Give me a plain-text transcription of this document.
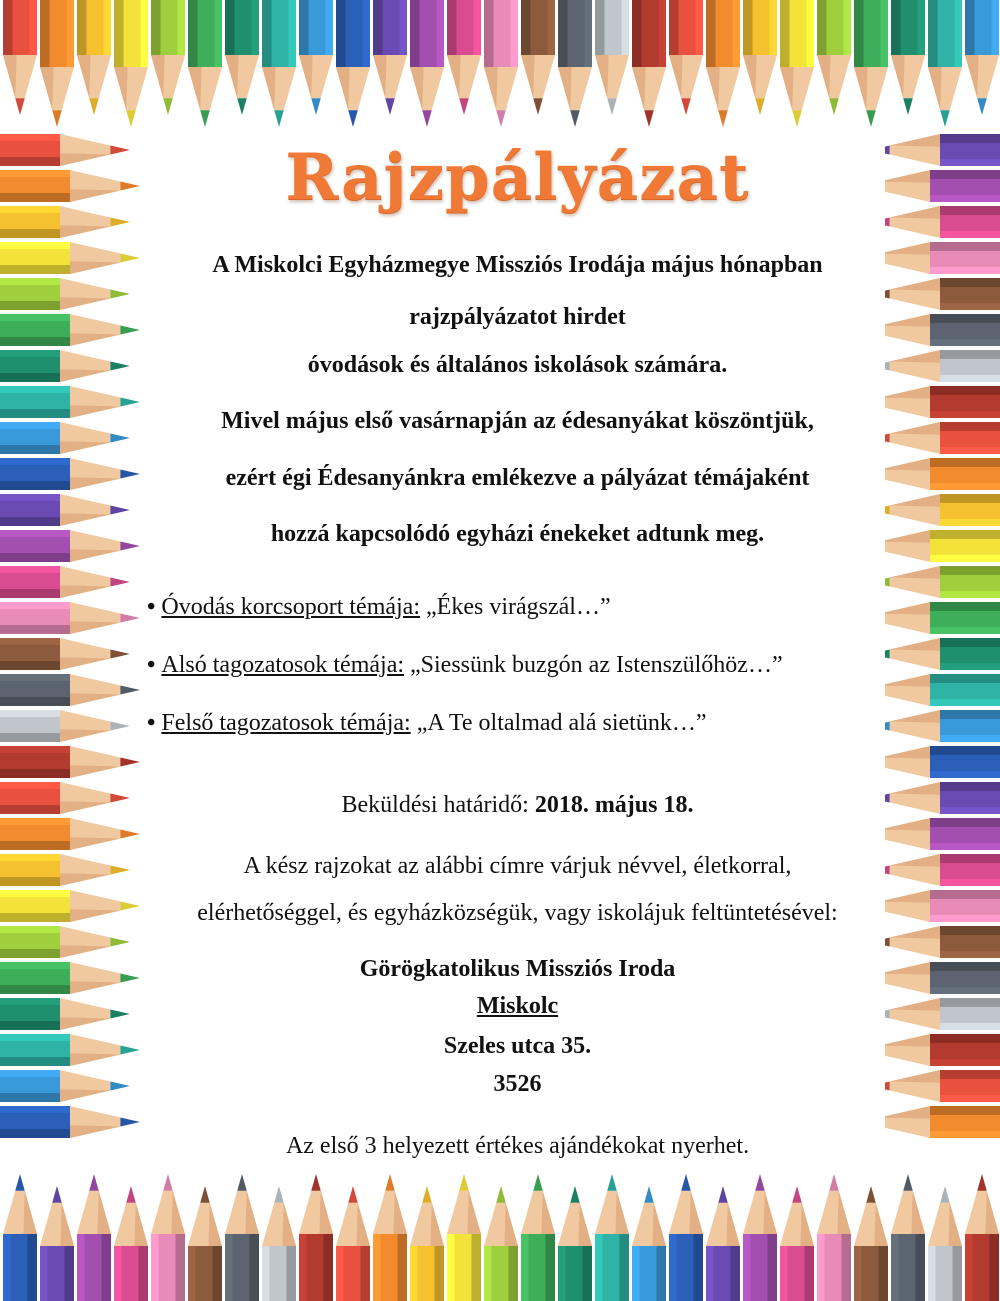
Rajzpályázat
A Miskolci Egyházmegye Missziós Irodája május hónapban
rajzpályázatot hirdet
óvodások és általános iskolások számára.
Mivel május első vasárnapján az édesanyákat köszöntjük,
ezért égi Édesanyánkra emlékezve a pályázat témájaként
hozzá kapcsolódó egyházi énekeket adtunk meg.
• Óvodás korcsoport témája: „Ékes virágszál…”
• Alsó tagozatosok témája: „Siessünk buzgón az Istenszülőhöz…”
• Felső tagozatosok témája: „A Te oltalmad alá sietünk…”
Beküldési határidő: 2018. május 18.
A kész rajzokat az alábbi címre várjuk névvel, életkorral,
elérhetőséggel, és egyházközségük, vagy iskolájuk feltüntetésével:
Görögkatolikus Missziós Iroda
Miskolc
Szeles utca 35.
3526
Az első 3 helyezett értékes ajándékokat nyerhet.
